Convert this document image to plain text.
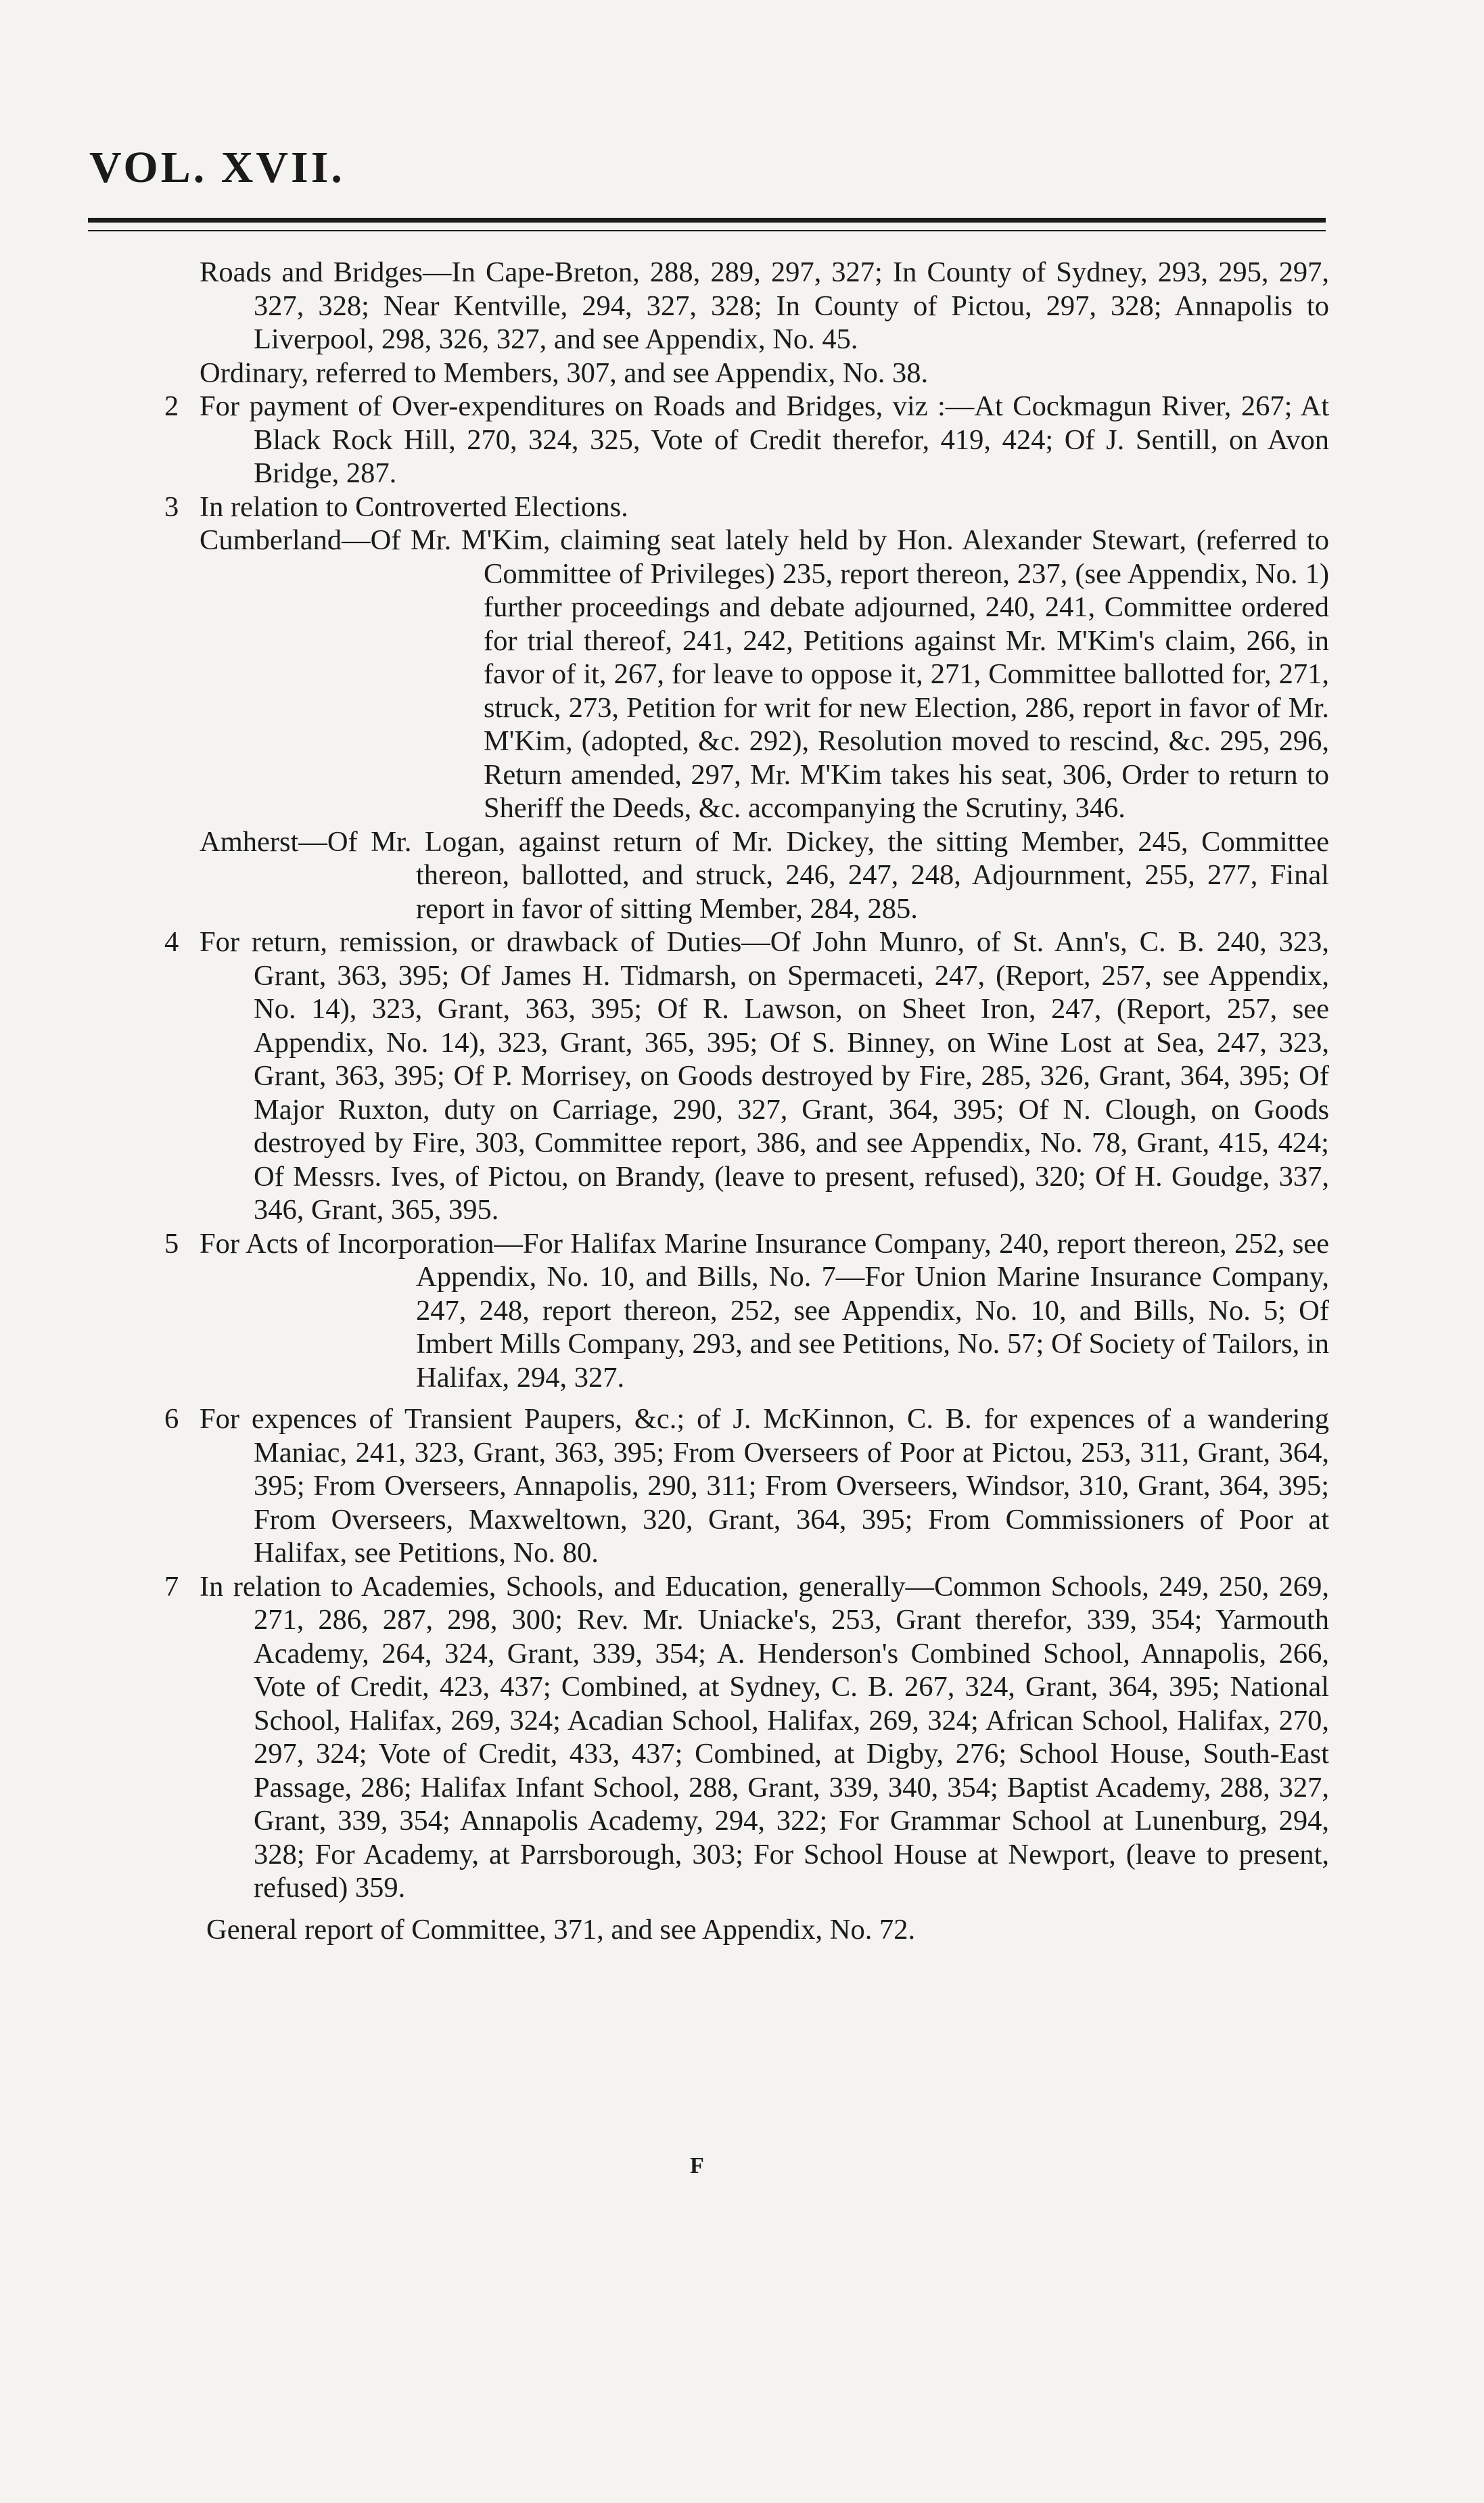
VOL. XVII.

Roads and Bridges—In Cape-Breton, 288, 289, 297, 327; In County of Sydney, 293, 295, 297, 327, 328; Near Kentville, 294, 327, 328; In County of Pictou, 297, 328; Annapolis to Liverpool, 298, 326, 327, and see Appendix, No. 45.

Ordinary, referred to Members, 307, and see Appendix, No. 38.

2 For payment of Over-expenditures on Roads and Bridges, viz :—At Cockmagun River, 267; At Black Rock Hill, 270, 324, 325, Vote of Credit therefor, 419, 424; Of J. Sentill, on Avon Bridge, 287.

3 In relation to Controverted Elections.

Cumberland—Of Mr. M'Kim, claiming seat lately held by Hon. Alexander Stewart, (referred to Committee of Privileges) 235, report thereon, 237, (see Appendix, No. 1) further proceedings and debate adjourned, 240, 241, Committee ordered for trial thereof, 241, 242, Petitions against Mr. M'Kim's claim, 266, in favor of it, 267, for leave to oppose it, 271, Committee ballotted for, 271, struck, 273, Petition for writ for new Election, 286, report in favor of Mr. M'Kim, (adopted, &c. 292), Resolution moved to rescind, &c. 295, 296, Return amended, 297, Mr. M'Kim takes his seat, 306, Order to return to Sheriff the Deeds, &c. accompanying the Scrutiny, 346.

Amherst—Of Mr. Logan, against return of Mr. Dickey, the sitting Member, 245, Committee thereon, ballotted, and struck, 246, 247, 248, Adjournment, 255, 277, Final report in favor of sitting Member, 284, 285.

4 For return, remission, or drawback of Duties—Of John Munro, of St. Ann's, C. B. 240, 323, Grant, 363, 395; Of James H. Tidmarsh, on Spermaceti, 247, (Report, 257, see Appendix, No. 14), 323, Grant, 363, 395; Of R. Lawson, on Sheet Iron, 247, (Report, 257, see Appendix, No. 14), 323, Grant, 365, 395; Of S. Binney, on Wine Lost at Sea, 247, 323, Grant, 363, 395; Of P. Morrisey, on Goods destroyed by Fire, 285, 326, Grant, 364, 395; Of Major Ruxton, duty on Carriage, 290, 327, Grant, 364, 395; Of N. Clough, on Goods destroyed by Fire, 303, Committee report, 386, and see Appendix, No. 78, Grant, 415, 424; Of Messrs. Ives, of Pictou, on Brandy, (leave to present, refused), 320; Of H. Goudge, 337, 346, Grant, 365, 395.

5 For Acts of Incorporation—For Halifax Marine Insurance Company, 240, report thereon, 252, see Appendix, No. 10, and Bills, No. 7—For Union Marine Insurance Company, 247, 248, report thereon, 252, see Appendix, No. 10, and Bills, No. 5; Of Imbert Mills Company, 293, and see Petitions, No. 57; Of Society of Tailors, in Halifax, 294, 327.

6 For expences of Transient Paupers, &c.; of J. McKinnon, C. B. for expences of a wandering Maniac, 241, 323, Grant, 363, 395; From Overseers of Poor at Pictou, 253, 311, Grant, 364, 395; From Overseers, Annapolis, 290, 311; From Overseers, Windsor, 310, Grant, 364, 395; From Overseers, Maxweltown, 320, Grant, 364, 395; From Commissioners of Poor at Halifax, see Petitions, No. 80.

7 In relation to Academies, Schools, and Education, generally—Common Schools, 249, 250, 269, 271, 286, 287, 298, 300; Rev. Mr. Uniacke's, 253, Grant therefor, 339, 354; Yarmouth Academy, 264, 324, Grant, 339, 354; A. Henderson's Combined School, Annapolis, 266, Vote of Credit, 423, 437; Combined, at Sydney, C. B. 267, 324, Grant, 364, 395; National School, Halifax, 269, 324; Acadian School, Halifax, 269, 324; African School, Halifax, 270, 297, 324; Vote of Credit, 433, 437; Combined, at Digby, 276; School House, South-East Passage, 286; Halifax Infant School, 288, Grant, 339, 340, 354; Baptist Academy, 288, 327, Grant, 339, 354; Annapolis Academy, 294, 322; For Grammar School at Lunenburg, 294, 328; For Academy, at Parrsborough, 303; For School House at Newport, (leave to present, refused) 359.

General report of Committee, 371, and see Appendix, No. 72.

F
